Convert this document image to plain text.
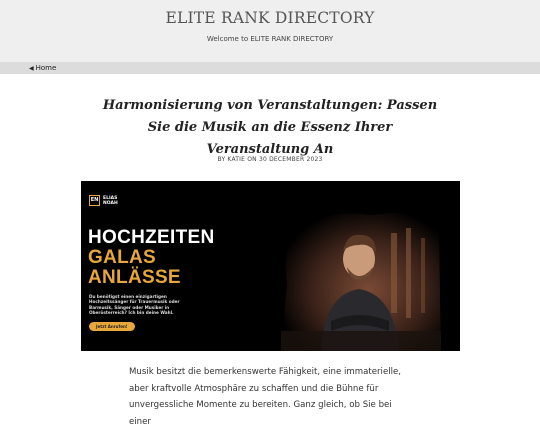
ELITE RANK DIRECTORY
Welcome to ELITE RANK DIRECTORY
◀ Home
Harmonisierung von Veranstaltungen: Passen Sie die Musik an die Essenz Ihrer Veranstaltung An
BY KATIE ON 30 DECEMBER 2023
EN	ELIAS NOAH
HOCHZEITEN
GALAS
ANLÄSSE
Du benötigst einen einzigartigen Hochzeitssänger für Trauermusik oder Barmusik, Sänger oder Musiker in Oberösterreich? Ich bin deine Wahl.
Jetzt Anrufen!

Musik besitzt die bemerkenswerte Fähigkeit, eine immaterielle, aber kraftvolle Atmosphäre zu schaffen und die Bühne für unvergessliche Momente zu bereiten. Ganz gleich, ob Sie bei einer
